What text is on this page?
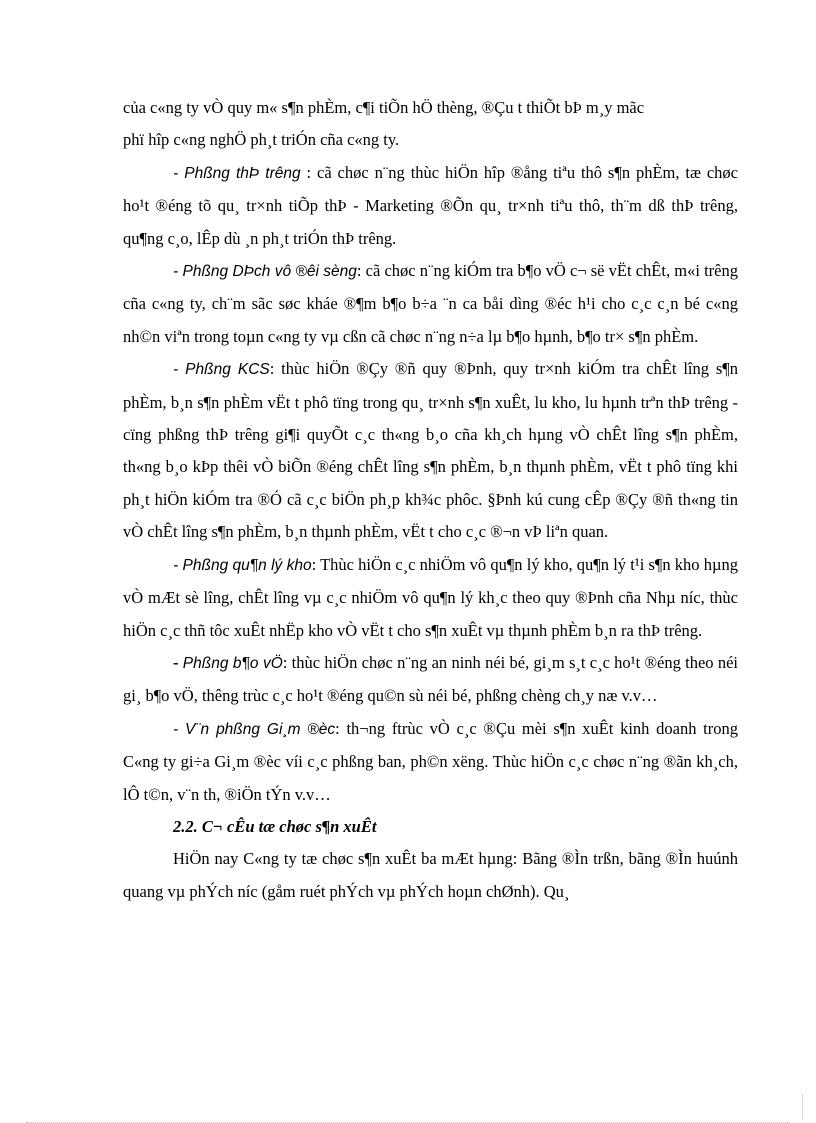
của c«ng ty vÒ quy m« s¶n phÈm, c¶i tiÕn hÖ thèng, ®Çu t thiÕt bÞ m¸y mãc
phï hîp c«ng nghÖ ph¸t triÓn cña c«ng ty.

- Phßng thÞ trêng : cã chøc n¨ng thùc hiÖn hîp ®ång tiªu thô s¶n phÈm, tæ chøc ho¹t ®éng tõ qu¸ tr×nh tiÕp thÞ - Marketing ®Õn qu¸ tr×nh tiªu thô, th¨m dß thÞ trêng, qu¶ng c¸o, lÊp dù ¸n ph¸t triÓn thÞ trêng.

- Phßng DÞch vô ®êi sèng: cã chøc n¨ng kiÓm tra b¶o vÖ c¬ së vËt chÊt, m«i trêng cña c«ng ty, ch¨m sãc søc kháe ®¶m b¶o b÷a ¨n ca båi dìng ®éc h¹i cho c¸c c¸n bé c«ng nh©n viªn trong toµn c«ng ty vµ cßn cã chøc n¨ng n÷a lµ b¶o hµnh, b¶o tr× s¶n phÈm.

- Phßng KCS: thùc hiÖn ®Çy ®ñ quy ®Þnh, quy tr×nh kiÓm tra chÊt lîng s¶n phÈm, b¸n s¶n phÈm vËt t phô tïng trong qu¸ tr×nh s¶n xuÊt, lu kho, lu hµnh trªn thÞ trêng - cïng phßng thÞ trêng gi¶i quyÕt c¸c th«ng b¸o cña kh¸ch hµng vÒ chÊt lîng s¶n phÈm, th«ng b¸o kÞp thêi vÒ biÕn ®éng chÊt lîng s¶n phÈm, b¸n thµnh phÈm, vËt t phô tïng khi ph¸t hiÖn kiÓm tra ®Ó cã c¸c biÖn ph¸p kh¾c phôc. §Þnh kú cung cÊp ®Çy ®ñ th«ng tin vÒ chÊt lîng s¶n phÈm, b¸n thµnh phÈm, vËt t cho c¸c ®¬n vÞ liªn quan.

- Phßng qu¶n lý kho: Thùc hiÖn c¸c nhiÖm vô qu¶n lý kho, qu¶n lý t¹i s¶n kho hµng vÒ mÆt sè lîng, chÊt lîng vµ c¸c nhiÖm vô qu¶n lý kh¸c theo quy ®Þnh cña Nhµ níc, thùc hiÖn c¸c thñ tôc xuÊt nhËp kho vÒ vËt t cho s¶n xuÊt vµ thµnh phÈm b¸n ra thÞ trêng.

- Phßng b¶o vÖ: thùc hiÖn chøc n¨ng an ninh néi bé, gi¸m s¸t c¸c ho¹t ®éng theo néi gi¸ b¶o vÖ, thêng trùc c¸c ho¹t ®éng qu©n sù néi bé, phßng chèng ch¸y næ v.v…

- V¨n phßng Gi¸m ®èc: th¬ng ftrùc vÒ c¸c ®Çu mèi s¶n xuÊt kinh doanh trong C«ng ty gi÷a Gi¸m ®èc víi c¸c phßng ban, ph©n xëng. Thùc hiÖn c¸c chøc n¨ng ®ãn kh¸ch, lÔ t©n, v¨n th, ®iÖn tÝn v.v…

2.2. C¬ cÊu tæ chøc s¶n xuÊt

HiÖn nay C«ng ty tæ chøc s¶n xuÊt ba mÆt hµng: Bãng ®Ìn trßn, bãng ®Ìn huúnh quang vµ phÝch níc (gåm ruét phÝch vµ phÝch hoµn chØnh). Qu¸
